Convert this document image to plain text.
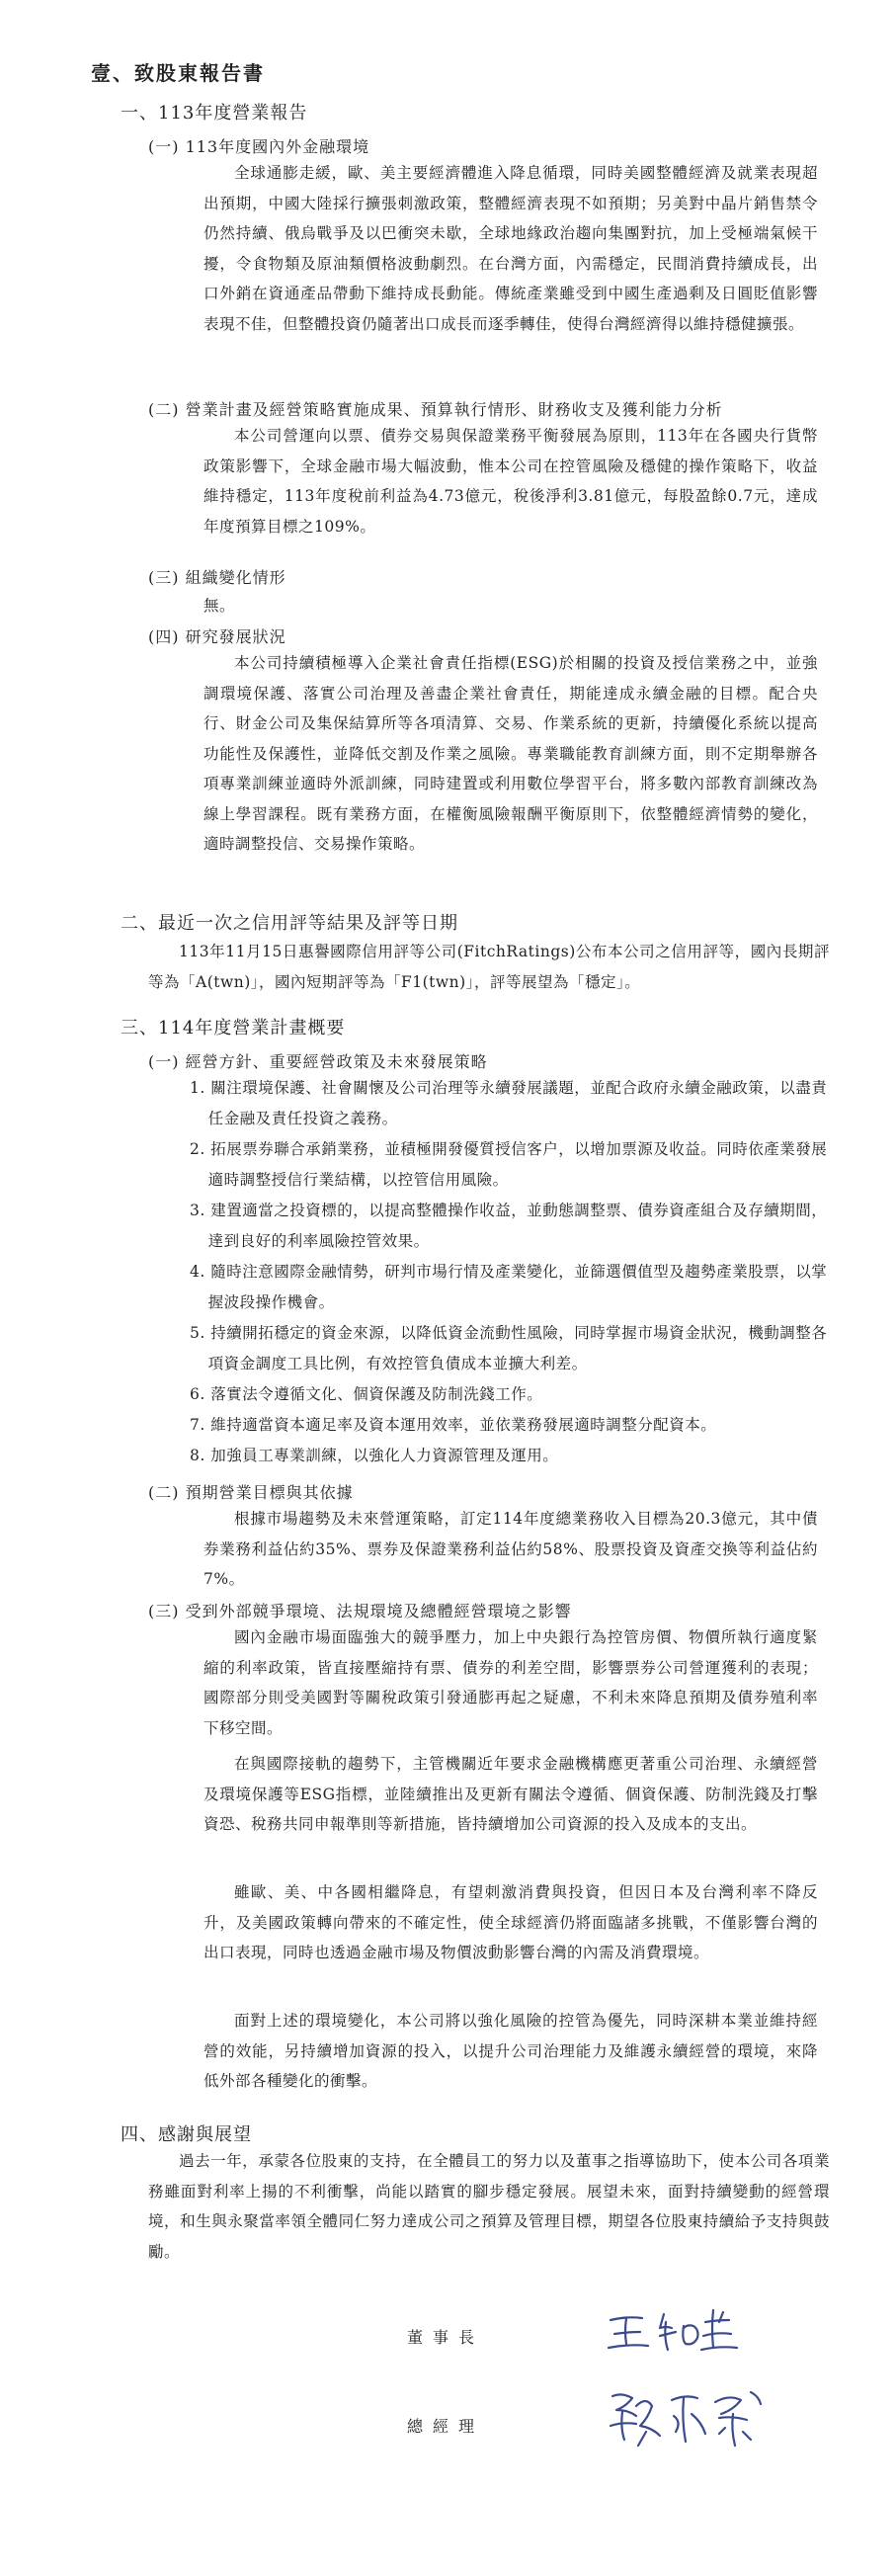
壹、致股東報告書
一、113年度營業報告
(一) 113年度國內外金融環境
全球通膨走緩，歐、美主要經濟體進入降息循環，同時美國整體經濟及就業表現超出預期，中國大陸採行擴張刺激政策，整體經濟表現不如預期；另美對中晶片銷售禁令仍然持續、俄烏戰爭及以巴衝突未歇，全球地緣政治趨向集團對抗，加上受極端氣候干擾，令食物類及原油類價格波動劇烈。在台灣方面，內需穩定，民間消費持續成長，出口外銷在資通產品帶動下維持成長動能。傳統產業雖受到中國生產過剩及日圓貶值影響表現不佳，但整體投資仍隨著出口成長而逐季轉佳，使得台灣經濟得以維持穩健擴張。
(二) 營業計畫及經營策略實施成果、預算執行情形、財務收支及獲利能力分析
本公司營運向以票、債券交易與保證業務平衡發展為原則，113年在各國央行貨幣政策影響下，全球金融市場大幅波動，惟本公司在控管風險及穩健的操作策略下，收益維持穩定，113年度稅前利益為4.73億元，稅後淨利3.81億元，每股盈餘0.7元，達成年度預算目標之109%。
(三) 組織變化情形
無。
(四) 研究發展狀況
本公司持續積極導入企業社會責任指標(ESG)於相關的投資及授信業務之中，並強調環境保護、落實公司治理及善盡企業社會責任，期能達成永續金融的目標。配合央行、財金公司及集保結算所等各項清算、交易、作業系統的更新，持續優化系統以提高功能性及保護性，並降低交割及作業之風險。專業職能教育訓練方面，則不定期舉辦各項專業訓練並適時外派訓練，同時建置或利用數位學習平台，將多數內部教育訓練改為線上學習課程。既有業務方面，在權衡風險報酬平衡原則下，依整體經濟情勢的變化，適時調整投信、交易操作策略。
二、最近一次之信用評等結果及評等日期
113年11月15日惠譽國際信用評等公司(FitchRatings)公布本公司之信用評等，國內長期評等為「A(twn)」，國內短期評等為「F1(twn)」，評等展望為「穩定」。
三、114年度營業計畫概要
(一) 經營方針、重要經營政策及未來發展策略
1. 關注環境保護、社會關懷及公司治理等永續發展議題，並配合政府永續金融政策，以盡責任金融及責任投資之義務。
2. 拓展票券聯合承銷業務，並積極開發優質授信客户，以增加票源及收益。同時依產業發展適時調整授信行業結構，以控管信用風險。
3. 建置適當之投資標的，以提高整體操作收益，並動態調整票、債券資產組合及存續期間，達到良好的利率風險控管效果。
4. 隨時注意國際金融情勢，研判市場行情及產業變化，並篩選價值型及趨勢產業股票，以掌握波段操作機會。
5. 持續開拓穩定的資金來源，以降低資金流動性風險，同時掌握市場資金狀況，機動調整各項資金調度工具比例，有效控管負債成本並擴大利差。
6. 落實法令遵循文化、個資保護及防制洗錢工作。
7. 維持適當資本適足率及資本運用效率，並依業務發展適時調整分配資本。
8. 加強員工專業訓練，以強化人力資源管理及運用。
(二) 預期營業目標與其依據
根據市場趨勢及未來營運策略，訂定114年度總業務收入目標為20.3億元，其中債券業務利益佔約35%、票券及保證業務利益佔約58%、股票投資及資產交換等利益佔約7%。
(三) 受到外部競爭環境、法規環境及總體經營環境之影響
國內金融市場面臨強大的競爭壓力，加上中央銀行為控管房價、物價所執行適度緊縮的利率政策，皆直接壓縮持有票、債券的利差空間，影響票券公司營運獲利的表現；國際部分則受美國對等關稅政策引發通膨再起之疑慮，不利未來降息預期及債券殖利率下移空間。
在與國際接軌的趨勢下，主管機關近年要求金融機構應更著重公司治理、永續經營及環境保護等ESG指標，並陸續推出及更新有關法令遵循、個資保護、防制洗錢及打擊資恐、稅務共同申報準則等新措施，皆持續增加公司資源的投入及成本的支出。
雖歐、美、中各國相繼降息，有望刺激消費與投資，但因日本及台灣利率不降反升，及美國政策轉向帶來的不確定性，使全球經濟仍將面臨諸多挑戰，不僅影響台灣的出口表現，同時也透過金融市場及物價波動影響台灣的內需及消費環境。
面對上述的環境變化，本公司將以強化風險的控管為優先，同時深耕本業並維持經營的效能，另持續增加資源的投入，以提升公司治理能力及維護永續經營的環境，來降低外部各種變化的衝擊。
四、感謝與展望
過去一年，承蒙各位股東的支持，在全體員工的努力以及董事之指導協助下，使本公司各項業務雖面對利率上揚的不利衝擊，尚能以踏實的腳步穩定發展。展望未來，面對持續變動的經營環境，和生與永聚當率領全體同仁努力達成公司之預算及管理目標，期望各位股東持續給予支持與鼓勵。
董事長
總經理
